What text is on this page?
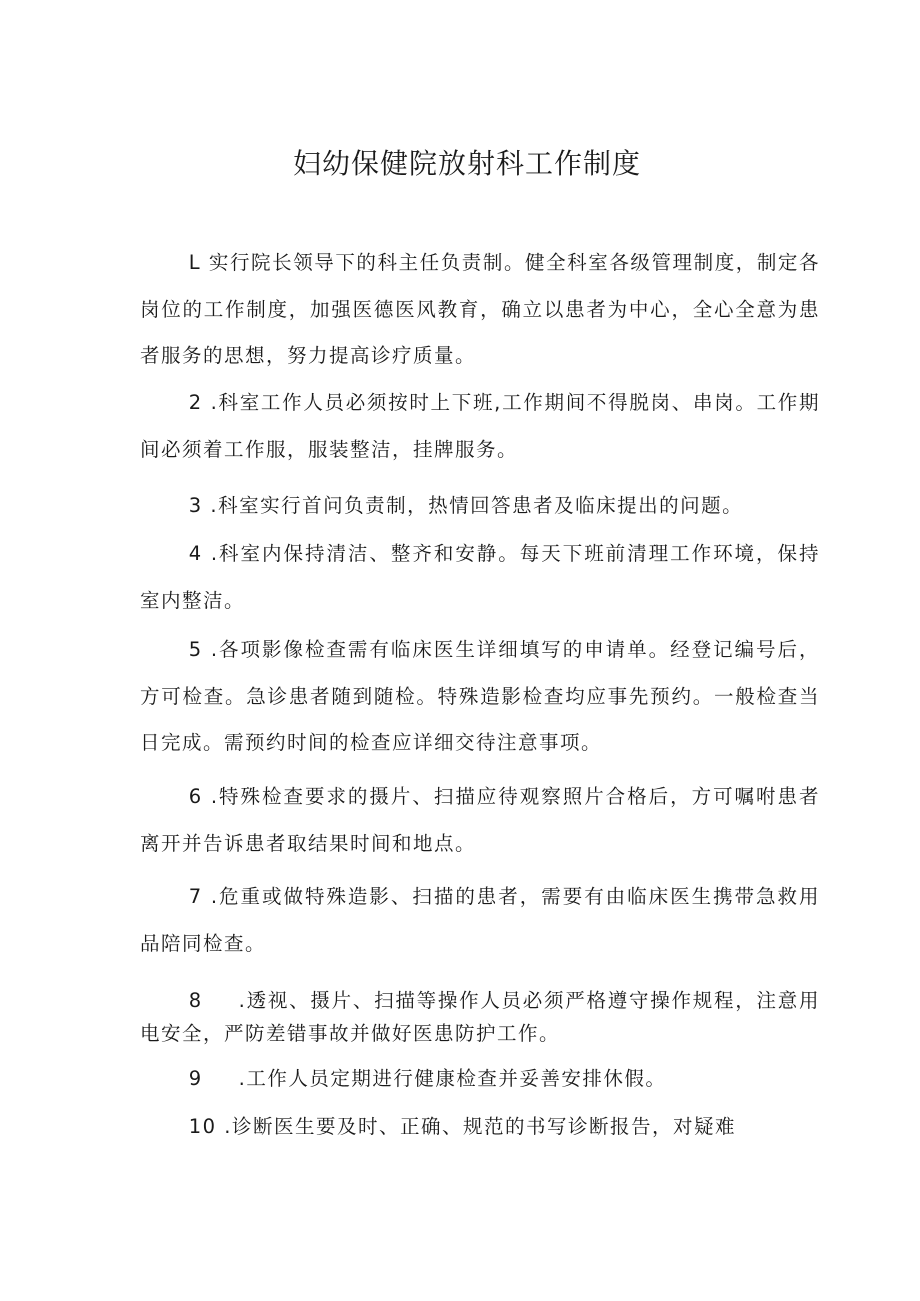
妇幼保健院放射科工作制度

L 实行院长领导下的科主任负责制。健全科室各级管理制度，制定各岗位的工作制度，加强医德医风教育，确立以患者为中心，全心全意为患者服务的思想，努力提高诊疗质量。

2 .科室工作人员必须按时上下班,工作期间不得脱岗、串岗。工作期间必须着工作服，服装整洁，挂牌服务。

3 .科室实行首问负责制，热情回答患者及临床提出的问题。

4 .科室内保持清洁、整齐和安静。每天下班前清理工作环境，保持室内整洁。

5 .各项影像检查需有临床医生详细填写的申请单。经登记编号后，方可检查。急诊患者随到随检。特殊造影检查均应事先预约。一般检查当日完成。需预约时间的检查应详细交待注意事项。

6 .特殊检查要求的摄片、扫描应待观察照片合格后，方可嘱咐患者离开并告诉患者取结果时间和地点。

7 .危重或做特殊造影、扫描的患者，需要有由临床医生携带急救用品陪同检查。

8 .透视、摄片、扫描等操作人员必须严格遵守操作规程，注意用电安全，严防差错事故并做好医患防护工作。

9 .工作人员定期进行健康检查并妥善安排休假。

10 .诊断医生要及时、正确、规范的书写诊断报告，对疑难
